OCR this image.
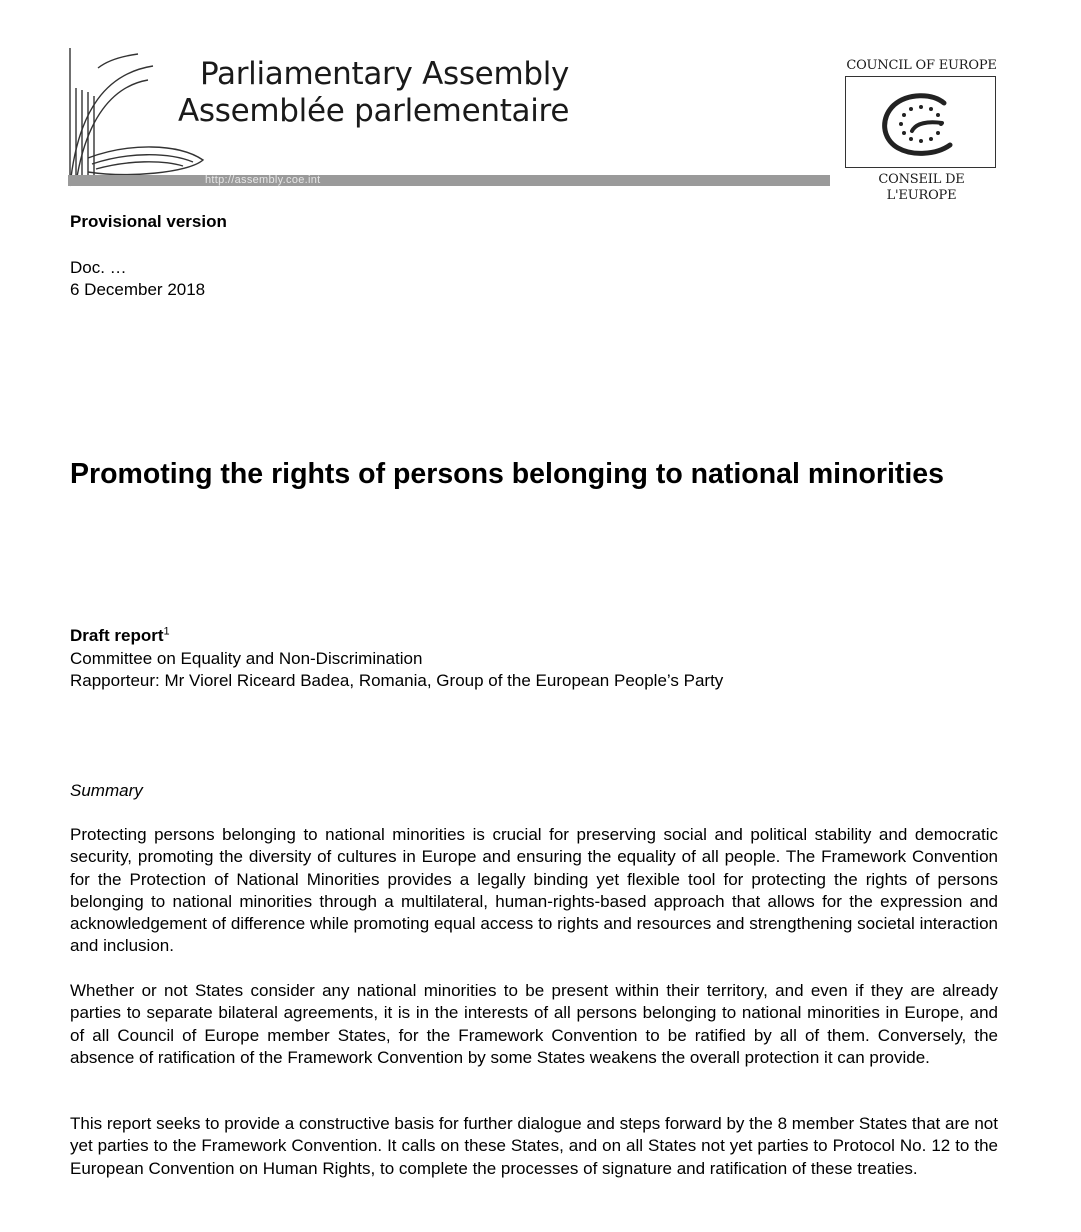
Parliamentary Assembly
Assemblée parlementaire
http://assembly.coe.int
COUNCIL OF EUROPE
CONSEIL DE L'EUROPE
Provisional version
Doc. …
6 December 2018
Promoting the rights of persons belonging to national minorities
Draft report$^1$
Committee on Equality and Non-Discrimination
Rapporteur: Mr Viorel Riceard Badea, Romania, Group of the European People’s Party
Summary
Protecting persons belonging to national minorities is crucial for preserving social and political stability and democratic security, promoting the diversity of cultures in Europe and ensuring the equality of all people. The Framework Convention for the Protection of National Minorities provides a legally binding yet flexible tool for protecting the rights of persons belonging to national minorities through a multilateral, human-rights-based approach that allows for the expression and acknowledgement of difference while promoting equal access to rights and resources and strengthening societal interaction and inclusion.
Whether or not States consider any national minorities to be present within their territory, and even if they are already parties to separate bilateral agreements, it is in the interests of all persons belonging to national minorities in Europe, and of all Council of Europe member States, for the Framework Convention to be ratified by all of them. Conversely, the absence of ratification of the Framework Convention by some States weakens the overall protection it can provide.
This report seeks to provide a constructive basis for further dialogue and steps forward by the 8 member States that are not yet parties to the Framework Convention. It calls on these States, and on all States not yet parties to Protocol No. 12 to the European Convention on Human Rights, to complete the processes of signature and ratification of these treaties.
